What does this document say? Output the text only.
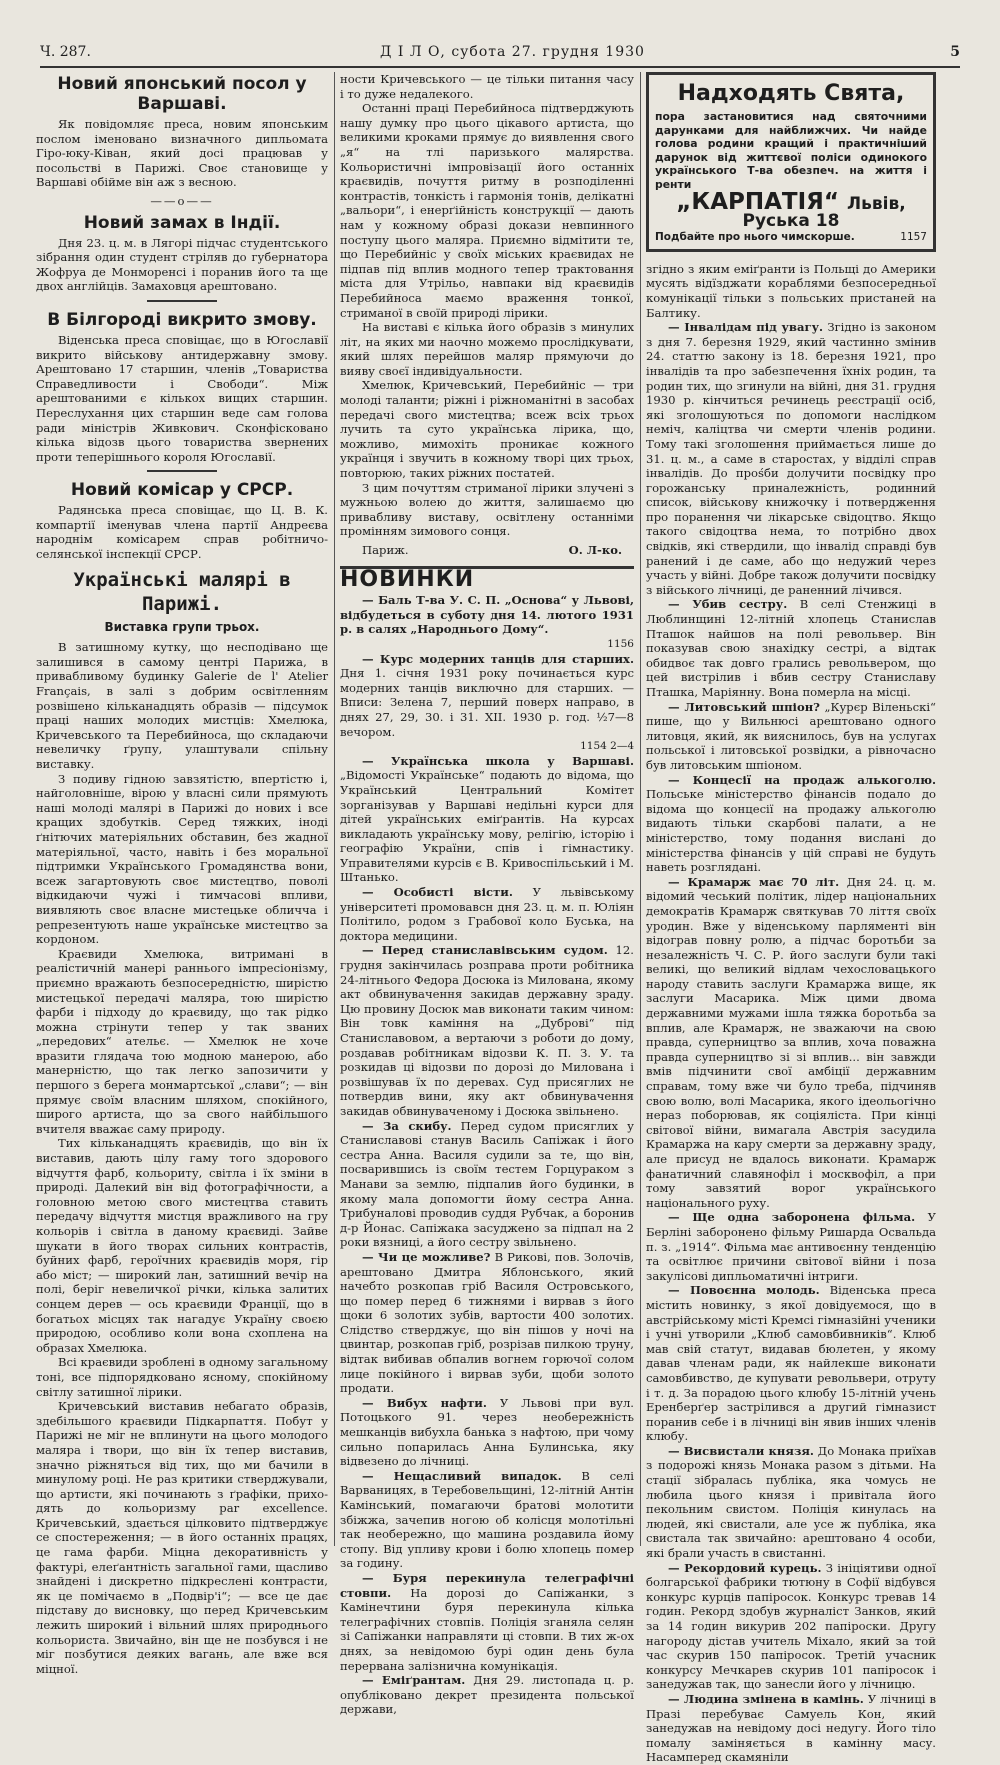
Ч. 287.	Д І Л О, субота 27. грудня 1930	5
Новий японський посол у Варшаві.

Як повідомляє преса, новим японським послом іменовано визначного дипльомата Гіро-юку-Ківан, який досі працював у посольстві в Парижі. Своє становище у Варшаві обійме він аж з весною.

——o——
Новий замах в Індії.

Дня 23. ц. м. в Лягорі підчас студентського зібрання один студент стріляв до губернатора Жофруа де Монморенсі і поранив його та ще двох англійців. Замаховця арештовано.

В Білгороді викрито змову.

Віденська преса сповіщає, що в Югославії викрито військову антидержавну змову. Арештовано 17 старшин, членів „Товариства Справедливости і Свободи“. Між арештованими є кількох вищих старшин. Переслухання цих старшин веде сам голова ради міністрів Живкович. Сконфісковано кілька відозв цього товариства звернених проти теперішнього короля Югославії.

Новий комісар у СРСР.

Радянська преса сповіщає, що Ц. В. К. компартії іменував члена партії Андреєва народнім комісарем справ робітничо-селянської інспекції СРСР.

Українські малярі в Парижі.
Виставка групи трьох.

В затишному кутку, що несподівано ще залишився в самому центрі Парижа, в привабливому будинку Galerie de l' Atelier Français, в залі з добрим освітленням розвішено кільканадцять образів — підсумок праці наших молодих мистців: Хмелюка, Кричевського та Перебийноса, що складаючи невеличку ґрупу, улаштували спільну виставку.

З подиву гідною завзятістю, впертістю і, найголовніше, вірою у власні сили прямують наші молоді малярі в Парижі до нових і все кращих здобутків. Серед тяжких, іноді ґнітючих матеріяльних обставин, без жадної матеріяльної, часто, навіть і без моральної підтримки Українського Громадянства вони, всеж загартовують своє мистецтво, поволі відкидаючи чужі і тимчасові впливи, виявляють своє власне мистецьке обличча і репрезентують наше українське мистецтво за кордоном.

Краєвиди Хмелюка, витримані в реалістичній манері раннього імпресіонізму, приємно вражають безпосередністю, ширістю мистецької передачі маляра, тою ширістю фарби і підходу до краєвиду, що так рідко можна стрінути тепер у так званих „передових“ ательє. — Хмелюк не хоче вразити глядача тою модною манерою, або манерністю, що так легко запозичити у першого з берега монмартської „слави“; — він прямує своїм власним шляхом, спокійного, широго артиста, що за свого найбільшого вчителя вважає саму природу.

Тих кільканадцять краєвидів, що він їх виставив, дають цілу гаму того здорового відчуття фарб, кольориту, світла і їх зміни в природі. Далекий він від фотографічности, а головною метою свого мистецтва ставить передачу відчуття мистця вражливого на гру кольорів і світла в даному краєвиді. Зайве шукати в його творах сильних контрастів, буйних фарб, героїчних краєвидів моря, гір або міст; — широкий лан, затишний вечір на полі, беріг невеличкої річки, кілька залитих сонцем дерев — ось краєвиди Франції, що в богатьох місцях так нагадує Україну своєю природою, особливо коли вона схоплена на образах Хмелюка.

Всі краєвиди зроблені в одному загальному тоні, все підпорядковано ясному, спокійному світлу затишної лірики.

Кричевський виставив небагато образів, здебільшого краєвиди Підкарпаття. Побут у Парижі не міг не вплинути на цього молодого маляра і твори, що він їх тепер виставив, значно ріжняться від тих, що ми бачили в минулому році. Не раз критики стверджували, що артисти, які починають з ґрафіки, прихо-дять до кольоризму par excellence. Кричевський, здається цілковито підтверджує се спостереження; — в його останніх працях, це гама фарби. Міцна декоративність у фактурі, елеґантність загальної гами, щасливо знайдені і дискретно підкреслені контрасти, як це помічаємо в „Подвір'і“; — все це дає підставу до висновку, що перед Кричевським лежить широкий і вільний шлях природнього кольориста. Звичайно, він ще не позбувся і не міг позбутися деяких вагань, але вже вся міцної.

ности Кричевського — це тільки питання часу і то дуже недалекого.

Останні праці Перебийноса підтверджують нашу думку про цього цікавого артиста, що великими кроками прямує до виявлення свого „я“ на тлі паризького малярства. Кольористичні імпровізації його останніх краєвидів, почуття ритму в розподіленні контрастів, тонкість і гармонія тонів, делікатні „вальори“, і енерґійність конструкції — дають нам у кожному образі докази невпинного поступу цього маляра. Приємно відмітити те, що Перебийніс у своїх міських краєвидах не підпав під вплив модного тепер трактовання міста для Утрільо, навпаки від краєвидів Перебийноса маємо враження тонкої, стриманої в своїй природі лірики.

На виставі є кілька його образів з минулих літ, на яких ми наочно можемо прослідкувати, який шлях перейшов маляр прямуючи до вияву своєї індивідуальности.

Хмелюк, Кричевський, Перебийніс — три молоді таланти; ріжні і ріжноманітні в засобах передачі свого мистецтва; всеж всіх трьох лучить та суто українська лірика, що, можливо, мимохіть проникає кожного українця і звучить в кожному творі цих трьох, повторюю, таких ріжних постатей.

З цим почуттям стриманої лірики злучені з мужньою волею до життя, залишаємо цю привабливу виставу, освітлену останніми промінням зимового сонця.

Париж.	О. Л-ко.
НОВИНКИ

— Баль Т-ва У. С. П. „Основа“ у Львові, відбудеться в суботу дня 14. лютого 1931 р. в салях „Народнього Дому“.

1156

— Курс модерних танців для старших. Дня 1. січня 1931 року починається курс модерних танців виключно для старших. — Вписи: Зелена 7, перший поверх направо, в днях 27, 29, 30. і 31. XII. 1930 р. год. ½7—8 вечором.

1154 2—4

— Українська школа у Варшаві. „Відомості Українське“ подають до відома, що Український Центральний Комітет зорганізував у Варшаві недільні курси для дітей українських еміґрантів. На курсах викладають українську мову, релігію, історію і географію України, спів і гімнастику. Управителями курсів є В. Кривоспільський і М. Штанько.

— Особисті вісти. У львівському університеті промовавсн дня 23. ц. м. п. Юліян Політило, родом з Грабової коло Буська, на доктора медицини.

— Перед станиславівським судом. 12. грудня закінчилась розправа проти робітника 24-літнього Федора Досюка із Милована, якому акт обвинувачення закидав державну зраду. Цю провину Досюк мав виконати таким чином: Він товк каміння на „Дуброві“ під Станиславовом, а вертаючи з роботи до дому, роздавав робітникам відозви К. П. З. У. та розкидав ці відозви по дорозі до Милована і розвішував їх по деревах. Суд присяглих не потвердив вини, яку акт обвинувачення закидав обвинуваченому і Досюка звільнено.

— За скибу. Перед судом присяглих у Станиславові станув Василь Сапіжак і його сестра Анна. Василя судили за те, що він, посварившись із своїм тестем Горцураком з Манави за землю, підпалив його будинки, в якому мала допомогти йому сестра Анна. Трибуналові проводив суддя Рубчак, а боронив д-р Йонас. Сапіжака засуджено за підпал на 2 роки вязниці, а його сестру звільнено.

— Чи це можливе? В Рикові, пов. Золочів, арештовано Дмитра Яблонського, який начебто розкопав гріб Василя Островського, що помер перед 6 тижнями і вирвав з його щоки 6 золотих зубів, вартости 400 золотих. Слідство стверджує, що він пішов у ночі на цвинтар, розкопав гріб, розрізав пилкою труну, відтак вибивав обпалив вогнем горючої солом лице покійного і вирвав зуби, щоби золото продати.

— Вибух нафти. У Львові при вул. Потоцького 91. через необережність мешканців вибухла банька з нафтою, при чому сильно попарилась Анна Булинська, яку відвезено до лічниці.

— Нещасливий випадок. В селі Варваницях, в Теребовельщині, 12-літній Антін Камінський, помагаючи братові молотити збіжжа, зачепив ногою об колісця молотільні так необережно, що машина роздавила йому стопу. Від упливу крови і болю хлопець помер за годину.

— Буря перекинула телеграфічні стовпи. На дорозі до Сапіжанки, з Камінечтини буря перекинула кілька телеграфічних стовпів. Поліція зганяла селян зі Сапіжанки направляти ці стовпи. В тих ж-ох днях, за невідомою бурі один день була перервана залізнична комунікація.

— Еміґрантам. Дня 29. листопада ц. р. опубліковано декрет президента польської держави,

Надходять Свята,
пора застановитися над святочними дарунками для найближчих. Чи найде голова родини кращий і практичніший дарунок від життєвої поліси одинокого українського Т-ва обезпеч. на життя і ренти
„КАРПАТІЯ“ Львів, Руська 18
Подбайте про нього чимскорше.	1157

згідно з яким еміґранти із Польщі до Америки мусять відїзджати кораблями безпосередньої комунікації тільки з польських пристаней на Балтику.

— Інвалідам під увагу. Згідно із законом з дня 7. березня 1929, який частинно змінив 24. статтю закону із 18. березня 1921, про інвалідів та про забезпечення їхніх родин, та родин тих, що згинули на війні, дня 31. грудня 1930 р. кінчиться речинець реєстрації осіб, які зголошуються по допомоги наслідком неміч, каліцтва чи смерти членів родини. Тому такі зголошення приймається лише до 31. ц. м., а саме в старостах, у відділі справ інвалідів. До прośби долучити посвідку про горожанську приналежність, родинний список, військову книжочку і потвердження про поранення чи лікарське свідоцтво. Якщо такого свідоцтва нема, то потрібно двох свідків, які ствердили, що інвалід справді був ранений і де саме, або що недужий через участь у війні. Добре також долучити посвідку з війського лічниці, де раненний лічився.

— Убив сестру. В селі Стенжиці в Люблинщині 12-літній хлопець Станислав Пташок найшов на полі револьвер. Він показував свою знахідку сестрі, а відтак обидвоє так довго грались револьвером, що цей вистрілив і вбив сестру Станиславу Пташка, Маріянну. Вона померла на місці.

— Литовський шпіон? „Курєр Віленьскі“ пише, що у Вильнюсі арештовано одного литовця, який, як вияснилось, був на услугах польської і литовської розвідки, а рівночасно був литовським шпіоном.

— Концесії на продаж алькоголю. Польське міністерство фінансів подало до відома що концесії на продажу алькоголю видають тільки скарбові палати, а не міністерство, тому подання вислані до міністерства фінансів у цій справі не будуть наветь розглядані.

— Крамарж має 70 літ. Дня 24. ц. м. відомий чеський політик, лідер національних демократів Крамарж святкував 70 ліття своїх уродин. Вже у віденському парляменті він відограв повну ролю, а підчас боротьби за незалежність Ч. С. Р. його заслуги були такі великі, що великий відлам чехословацького народу ставить заслуги Крамаржа вище, як заслуги Масарика. Між цими двома державними мужами ішла тяжка боротьба за вплив, але Крамарж, не зважаючи на свою правда, суперництво за вплив, хоча поважна правда суперництво зі зі вплив... він завжди вмів підчинити свої амбіції державним справам, тому вже чи було треба, підчиняв свою волю, волі Масарика, якого ідеольогічно нераз поборював, як соціяліста. При кінці світової війни, вимагала Австрія засудила Крамаржа на кару смерти за державну зраду, але присуд не вдалось виконати. Крамарж фанатичний славянофіл і москвофіл, а при тому завзятий ворог українського національного руху.

— Ще одна заборонена фільма. У Берліні заборонено фільму Ришарда Освальда п. з. „1914“. Фільма має антивоєнну тенденцію та освітлює причини світової війни і поза закулісові дипльоматичні інтриги.

— Повоєнна молодь. Віденська преса містить новинку, з якої довідуємося, що в австрійському місті Кремсі гімназійні ученики і учні утворили „Клюб самовбивників“. Клюб мав свій статут, видавав бюлетен, у якому давав членам ради, як найлекше виконати самовбивство, де купувати револьвери, отруту і т. д. За порадою цього клюбу 15-літній учень Еренберґер застрілився а другий гімназист поранив себе і в лічниці він явив інших членів клюбу.

— Висвистали князя. До Монака приїхав з подорожі князь Монака разом з дітьми. На стації зібралась публіка, яка чомусь не любила цього князя і привітала його пекольним свистом. Поліція кинулась на людей, які свистали, але усе ж публіка, яка свистала так звичайно: арештовано 4 особи, які брали участь в свистанні.

— Рекордовий курець. З ініціятиви одної болгарської фабрики тютюну в Софії відбувся конкурс курців папіросок. Конкурс тревав 14 годин. Рекорд здобув журналіст Занков, який за 14 годин викурив 202 папіроски. Другу нагороду дістав учитель Міхало, який за той час скурив 150 папіросок. Третій учасник конкурсу Мечкарев скурив 101 папіросок і занедужав так, що занесли його у лічницю.

— Людина змінена в камінь. У лічниці в Празі перебуває Самуель Кон, який занедужав на невідому досі недугу. Його тіло помалу заміняється в камінну масу. Насамперед скамяніли
